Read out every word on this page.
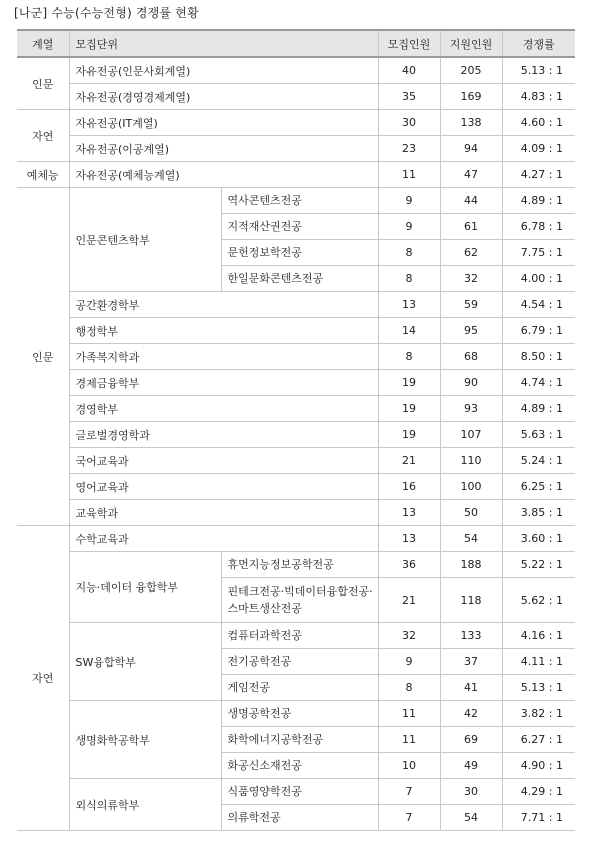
[나군] 수능(수능전형) 경쟁률 현황
계열	모집단위		모집인원	지원인원	경쟁률
인문	자유전공(인문사회계열)		40	205	5.13 : 1
	자유전공(경영경제계열)		35	169	4.83 : 1
자연	자유전공(IT계열)		30	138	4.60 : 1
	자유전공(이공계열)		23	94	4.09 : 1
예체능	자유전공(예체능계열)		11	47	4.27 : 1
인문	인문콘텐츠학부	역사콘텐츠전공	9	44	4.89 : 1
		지적재산권전공	9	61	6.78 : 1
		문헌정보학전공	8	62	7.75 : 1
		한일문화콘텐츠전공	8	32	4.00 : 1
	공간환경학부		13	59	4.54 : 1
	행정학부		14	95	6.79 : 1
	가족복지학과		8	68	8.50 : 1
	경제금융학부		19	90	4.74 : 1
	경영학부		19	93	4.89 : 1
	글로벌경영학과		19	107	5.63 : 1
	국어교육과		21	110	5.24 : 1
	영어교육과		16	100	6.25 : 1
	교육학과		13	50	3.85 : 1
자연	수학교육과		13	54	3.60 : 1
	지능·데이터 융합학부	휴먼지능정보공학전공	36	188	5.22 : 1
		핀테크전공·빅데이터융합전공·스마트생산전공	21	118	5.62 : 1
	SW융합학부	컴퓨터과학전공	32	133	4.16 : 1
		전기공학전공	9	37	4.11 : 1
		게임전공	8	41	5.13 : 1
	생명화학공학부	생명공학전공	11	42	3.82 : 1
		화학에너지공학전공	11	69	6.27 : 1
		화공신소재전공	10	49	4.90 : 1
	외식의류학부	식품영양학전공	7	30	4.29 : 1
		의류학전공	7	54	7.71 : 1
